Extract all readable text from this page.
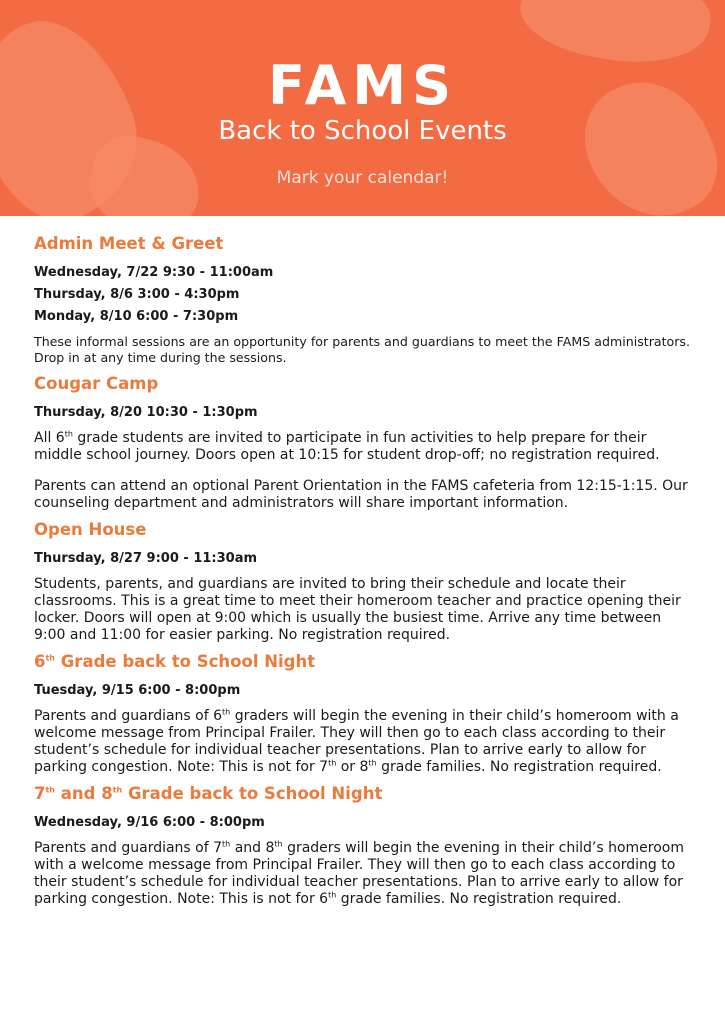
FAMS
Back to School Events
Mark your calendar!
Admin Meet & Greet
Wednesday, 7/22 9:30 - 11:00am
Thursday, 8/6 3:00 - 4:30pm
Monday, 8/10 6:00 - 7:30pm

These informal sessions are an opportunity for parents and guardians to meet the FAMS administrators. Drop in at any time during the sessions.

Cougar Camp
Thursday, 8/20 10:30 - 1:30pm

All 6th grade students are invited to participate in fun activities to help prepare for their middle school journey. Doors open at 10:15 for student drop-off; no registration required.

Parents can attend an optional Parent Orientation in the FAMS cafeteria from 12:15-1:15. Our counseling department and administrators will share important information.

Open House
Thursday, 8/27 9:00 - 11:30am

Students, parents, and guardians are invited to bring their schedule and locate their classrooms. This is a great time to meet their homeroom teacher and practice opening their locker. Doors will open at 9:00 which is usually the busiest time. Arrive any time between 9:00 and 11:00 for easier parking. No registration required.

6th Grade back to School Night
Tuesday, 9/15 6:00 - 8:00pm

Parents and guardians of 6th graders will begin the evening in their child’s homeroom with a welcome message from Principal Frailer. They will then go to each class according to their student’s schedule for individual teacher presentations. Plan to arrive early to allow for parking congestion. Note: This is not for 7th or 8th grade families. No registration required.

7th and 8th Grade back to School Night
Wednesday, 9/16 6:00 - 8:00pm

Parents and guardians of 7th and 8th graders will begin the evening in their child’s homeroom with a welcome message from Principal Frailer. They will then go to each class according to their student’s schedule for individual teacher presentations. Plan to arrive early to allow for parking congestion. Note: This is not for 6th grade families. No registration required.
